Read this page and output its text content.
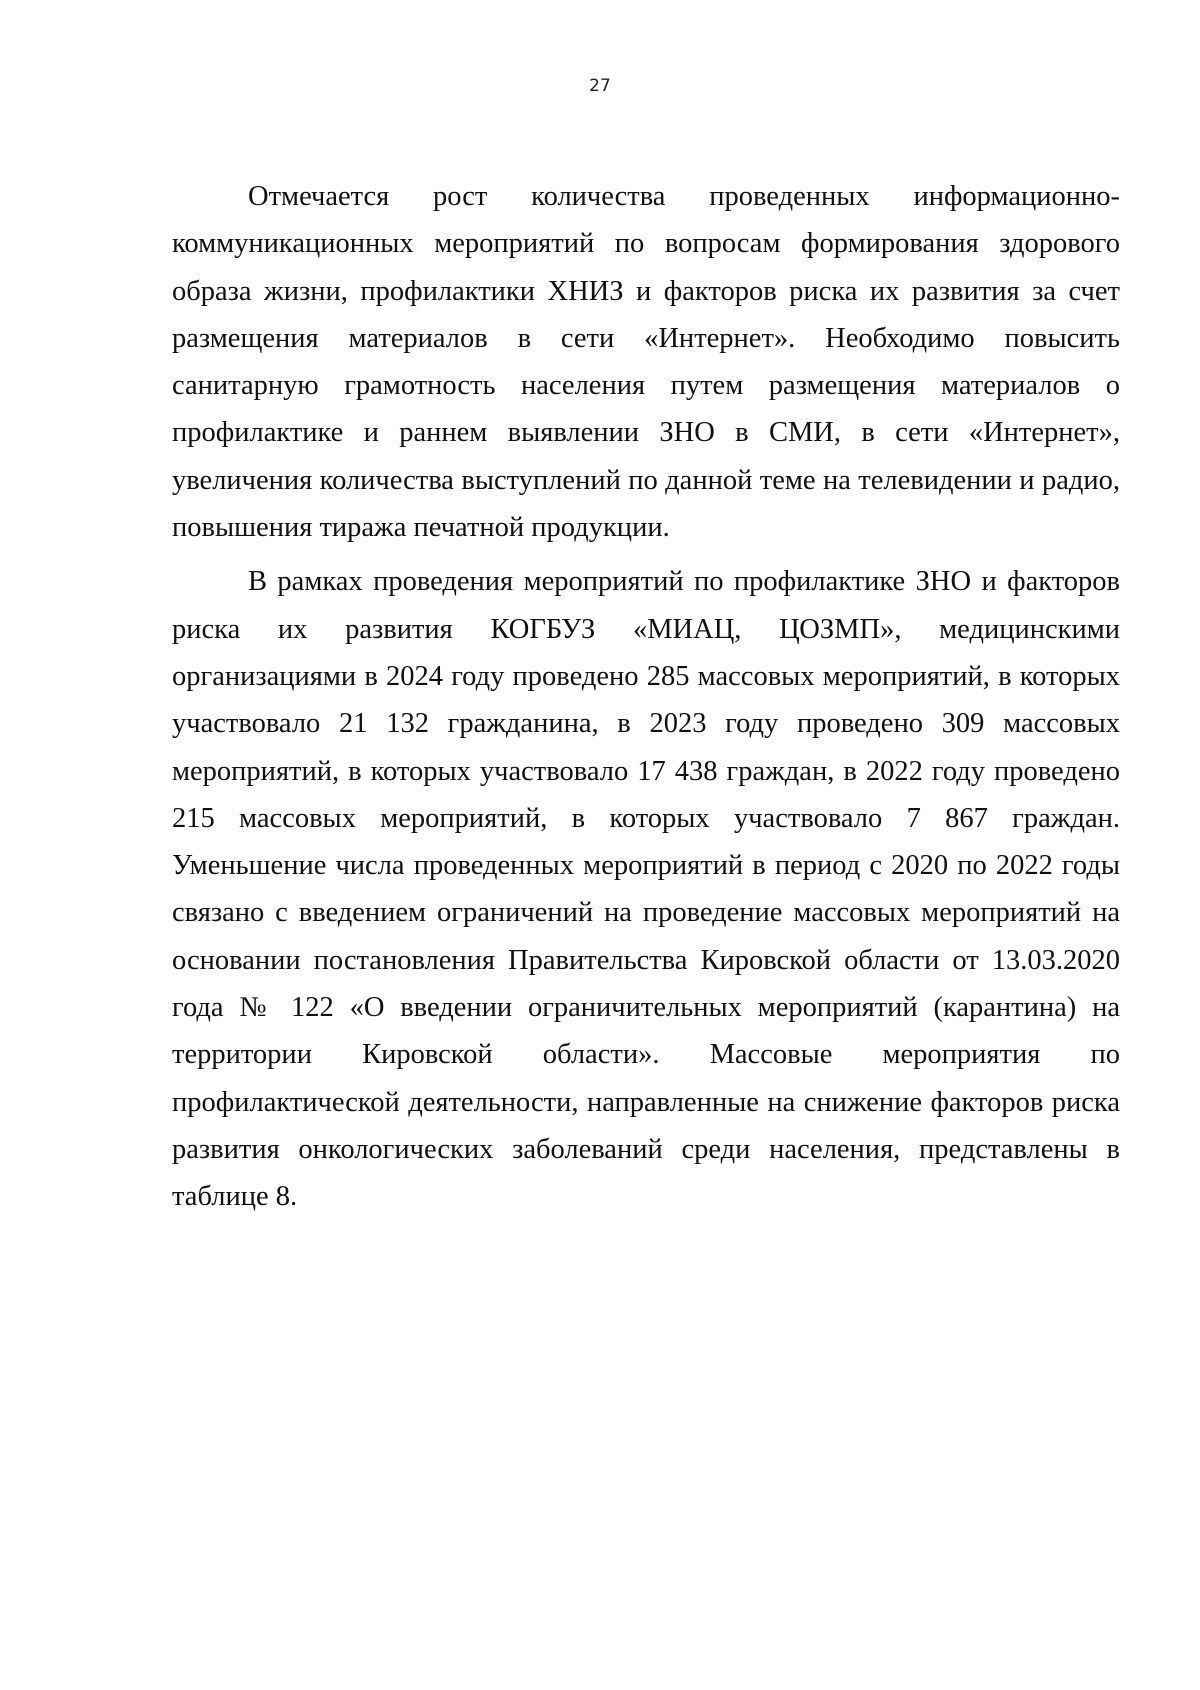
27

Отмечается рост количества проведенных информационно-коммуникационных мероприятий по вопросам формирования здорового образа жизни, профилактики ХНИЗ и факторов риска их развития за счет размещения материалов в сети «Интернет». Необходимо повысить санитарную грамотность населения путем размещения материалов о профилактике и раннем выявлении ЗНО в СМИ, в сети «Интернет», увеличения количества выступлений по данной теме на телевидении и радио, повышения тиража печатной продукции.

В рамках проведения мероприятий по профилактике ЗНО и факторов риска их развития КОГБУЗ «МИАЦ, ЦОЗМП», медицинскими организациями в 2024 году проведено 285 массовых мероприятий, в которых участвовало 21 132 гражданина, в 2023 году проведено 309 массовых мероприятий, в которых участвовало 17 438 граждан, в 2022 году проведено 215 массовых мероприятий, в которых участвовало 7 867 граждан. Уменьшение числа проведенных мероприятий в период с 2020 по 2022 годы связано с введением ограничений на проведение массовых мероприятий на основании постановления Правительства Кировской области от 13.03.2020 года № 122 «О введении ограничительных мероприятий (карантина) на территории Кировской области». Массовые мероприятия по профилактической деятельности, направленные на снижение факторов риска развития онкологических заболеваний среди населения, представлены в таблице 8.
